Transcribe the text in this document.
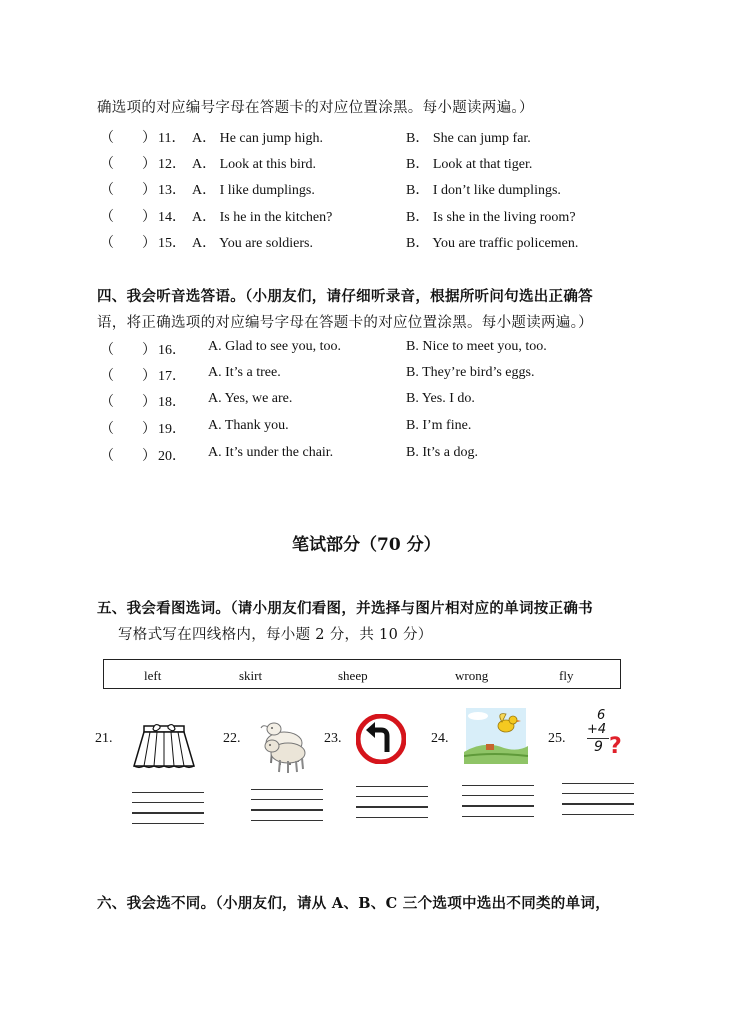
确选项的对应编号字母在答题卡的对应位置涂黑。每小题读两遍。）
（ ） 11． A． He can jump high.	B． She can jump far.
（ ） 12． A． Look at this bird.	B． Look at that tiger.
（ ） 13． A． I like dumplings.	B． I don’t like dumplings.
（ ） 14． A． Is he in the kitchen?	B． Is she in the living room?
（ ） 15． A． You are soldiers.	B． You are traffic policemen.
四、我会听音选答语。（小朋友们，请仔细听录音，根据所听问句选出正确答
语，将正确选项的对应编号字母在答题卡的对应位置涂黑。每小题读两遍。）
（ ） 16． A. Glad to see you, too.	B. Nice to meet you, too.
（ ） 17． A. It’s a tree.	B. They’re bird’s eggs.
（ ） 18． A. Yes, we are.	B. Yes. I do.
（ ） 19． A. Thank you.	B. I’m fine.
（ ） 20． A. It’s under the chair.	B. It’s a dog.
笔试部分（70 分）
五、我会看图选词。（请小朋友们看图，并选择与图片相对应的单词按正确书
写格式写在四线格内，每小题 2 分，共 10 分）
left	skirt	sheep	wrong	fly
21.	22.	23.	24.	25.
6
+4
9 ?
六、我会选不同。（小朋友们，请从 A、B、C 三个选项中选出不同类的单词，
